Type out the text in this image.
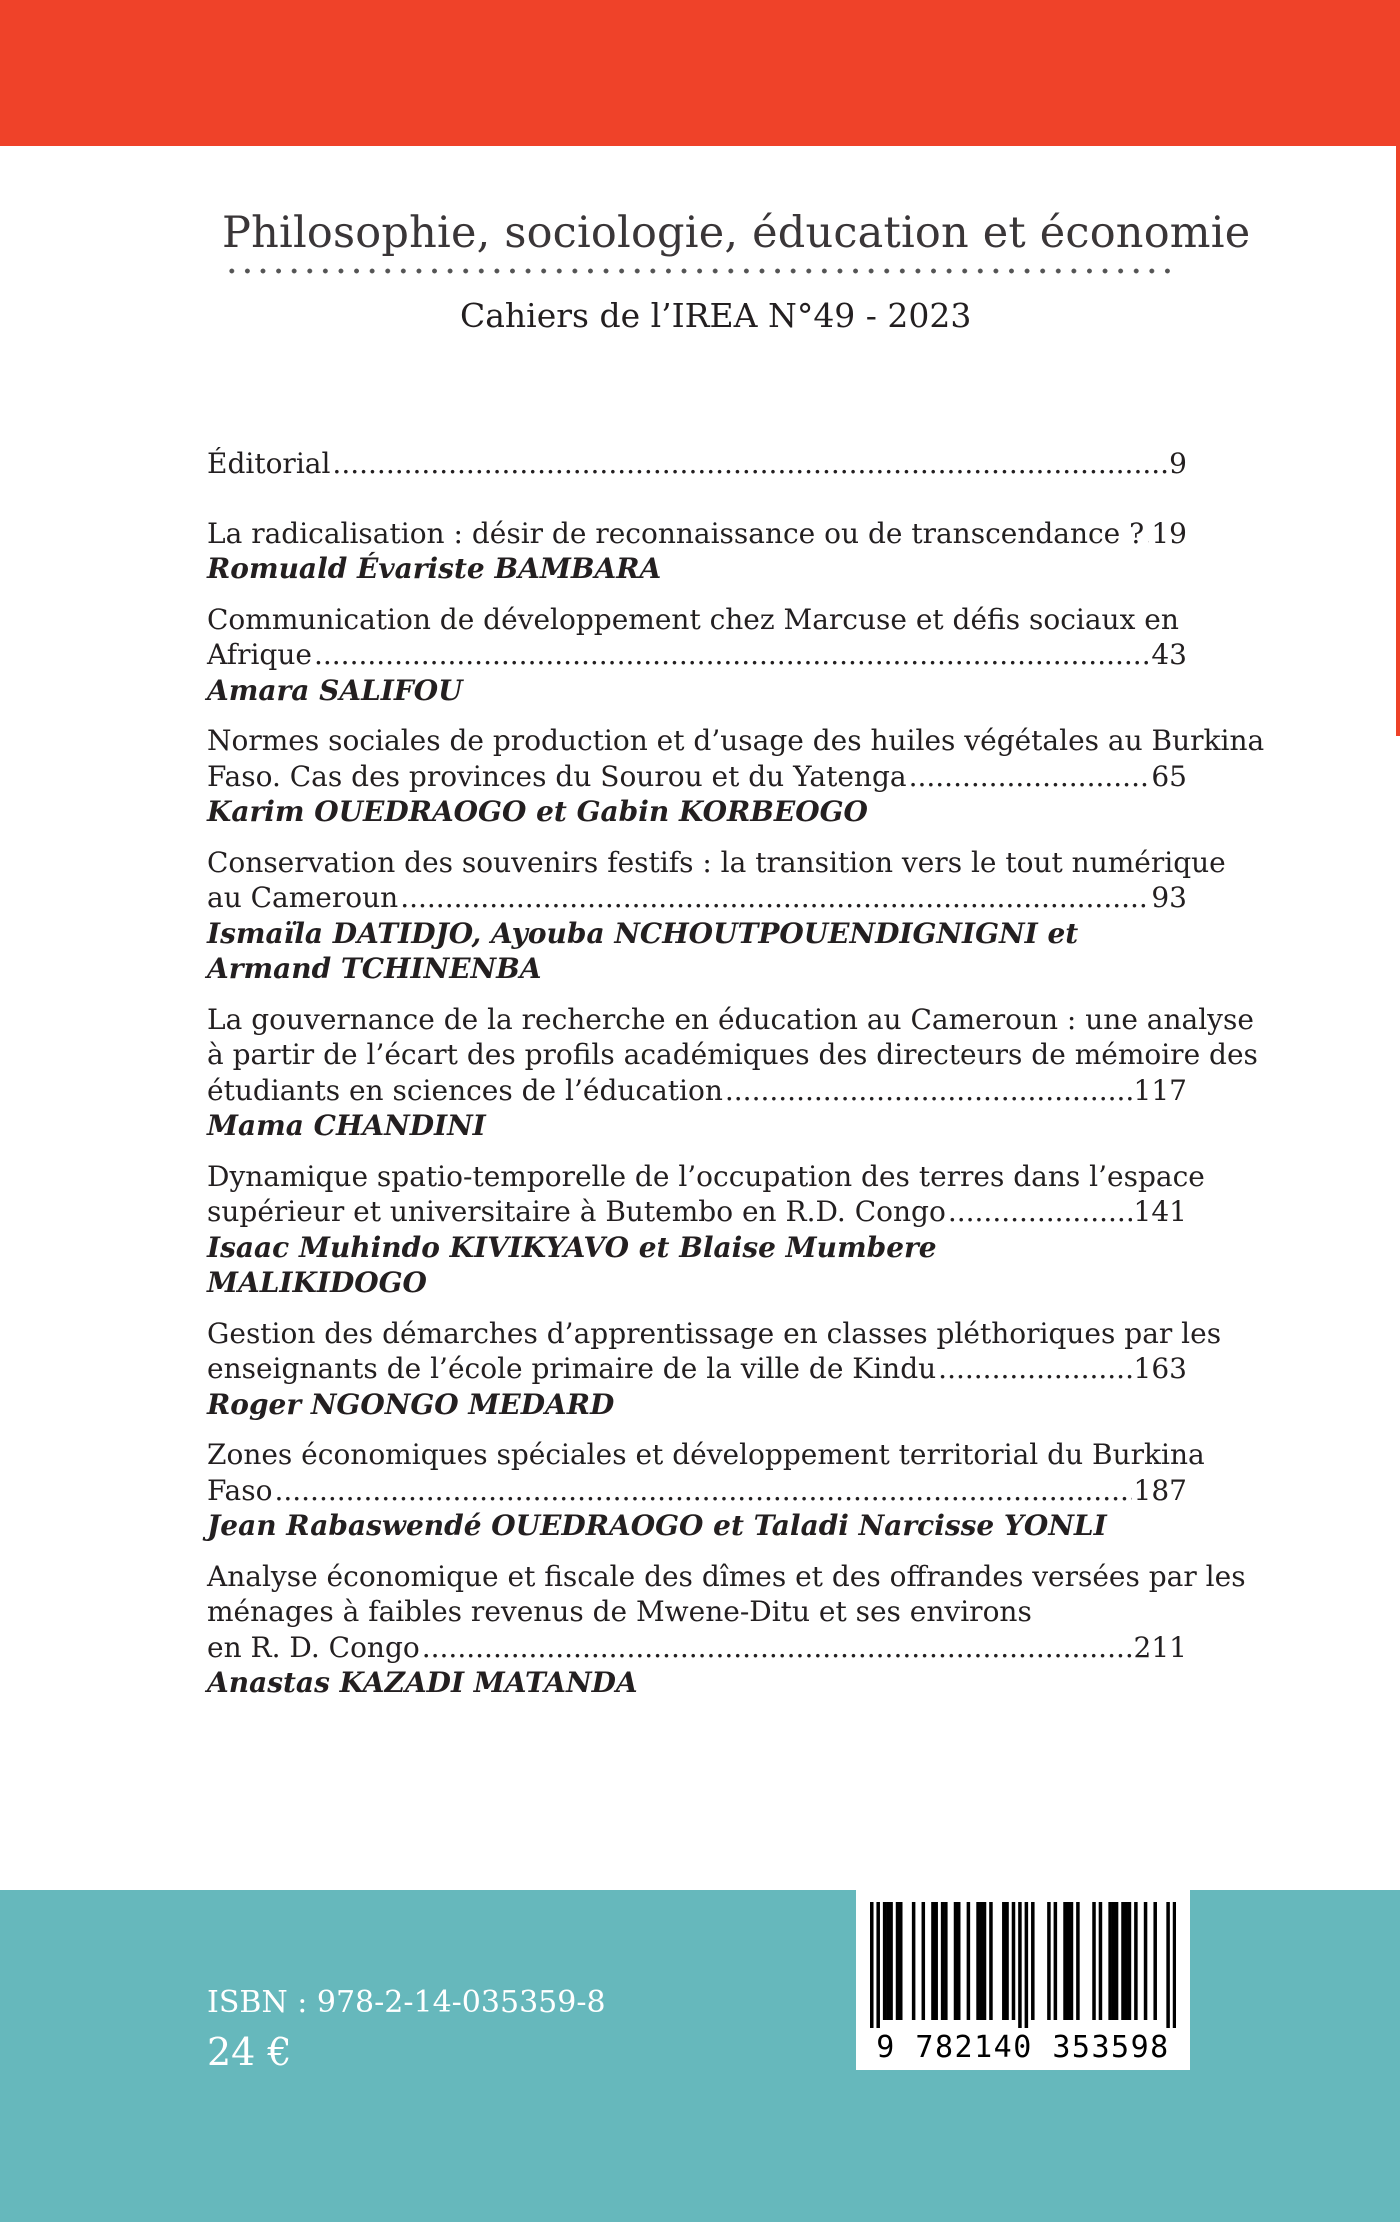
Philosophie, sociologie, éducation et économie
Cahiers de l’IREA N°49 - 2023
Éditorial .....	9
La radicalisation : désir de reconnaissance ou de transcendance ? ..... 19
Romuald Évariste BAMBARA
Communication de développement chez Marcuse et défis sociaux en
Afrique .....	43
Amara SALIFOU
Normes sociales de production et d’usage des huiles végétales au Burkina
Faso. Cas des provinces du Sourou et du Yatenga .....	65
Karim OUEDRAOGO et Gabin KORBEOGO
Conservation des souvenirs festifs : la transition vers le tout numérique
au Cameroun .....	93
Ismaïla DATIDJO, Ayouba NCHOUTPOUENDIGNIGNI et Armand TCHINENBA
La gouvernance de la recherche en éducation au Cameroun : une analyse
à partir de l’écart des profils académiques des directeurs de mémoire des
étudiants en sciences de l’éducation .....	117
Mama CHANDINI
Dynamique spatio-temporelle de l’occupation des terres dans l’espace
supérieur et universitaire à Butembo en R.D. Congo .....	141
Isaac Muhindo KIVIKYAVO et Blaise Mumbere MALIKIDOGO
Gestion des démarches d’apprentissage en classes pléthoriques par les
enseignants de l’école primaire de la ville de Kindu .....	163
Roger NGONGO MEDARD
Zones économiques spéciales et développement territorial du Burkina
Faso .....	187
Jean Rabaswendé OUEDRAOGO et Taladi Narcisse YONLI
Analyse économique et fiscale des dîmes et des offrandes versées par les
ménages à faibles revenus de Mwene-Ditu et ses environs
en R. D. Congo .....	211
Anastas KAZADI MATANDA
ISBN : 978-2-14-035359-8
24 €	9 782140 353598
